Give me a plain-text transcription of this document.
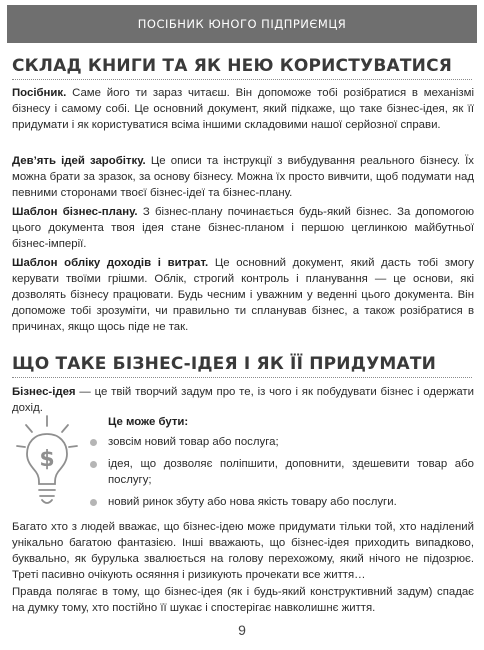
ПОСІБНИК ЮНОГО ПІДПРИЄМЦЯ
СКЛАД КНИГИ ТА ЯК НЕЮ КОРИСТУВАТИСЯ

Посібник. Саме його ти зараз читаєш. Він допоможе тобі розібратися в механізмі бізнесу і самому собі. Це основний документ, який підкаже, що таке бізнес-ідея, як її придумати і як користуватися всіма іншими складовими нашої серйозної справи.

Дев’ять ідей заробітку. Це описи та інструкції з вибудування реального бізнесу. Їх можна брати за зразок, за основу бізнесу. Можна їх просто вивчити, щоб подумати над певними сторонами твоєї бізнес-ідеї та бізнес-плану.

Шаблон бізнес-плану. З бізнес-плану починається будь-який бізнес. За допомогою цього документа твоя ідея стане бізнес-планом і першою цеглинкою майбутньої бізнес-імперії.

Шаблон обліку доходів і витрат. Це основний документ, який дасть тобі змогу керувати твоїми грішми. Облік, строгий контроль і планування — це основи, які дозволять бізнесу працювати. Будь чесним і уважним у веденні цього документа. Він допоможе тобі зрозуміти, чи правильно ти спланував бізнес, а також розібратися в причинах, якщо щось піде не так.

ЩО ТАКЕ БІЗНЕС-ІДЕЯ І ЯК ЇЇ ПРИДУМАТИ

Бізнес-ідея — це твій творчий задум про те, із чого і як побудувати бізнес і одержати дохід.

$

Це може бути:

зовсім новий товар або послуга;
ідея, що дозволяє поліпшити, доповнити, здешевити товар або послугу;
новий ринок збуту або нова якість товару або послуги.

Багато хто з людей вважає, що бізнес-ідею може придумати тільки той, хто наділений унікально багатою фантазією. Інші вважають, що бізнес-ідея приходить випадково, буквально, як бурулька звалюється на голову перехожому, який нічого не підозрює. Треті пасивно очікують осяяння і ризикують прочекати все життя…

Правда полягає в тому, що бізнес-ідея (як і будь-який конструктивний задум) спадає на думку тому, хто постійно її шукає і спостерігає навколишнє життя.

9
